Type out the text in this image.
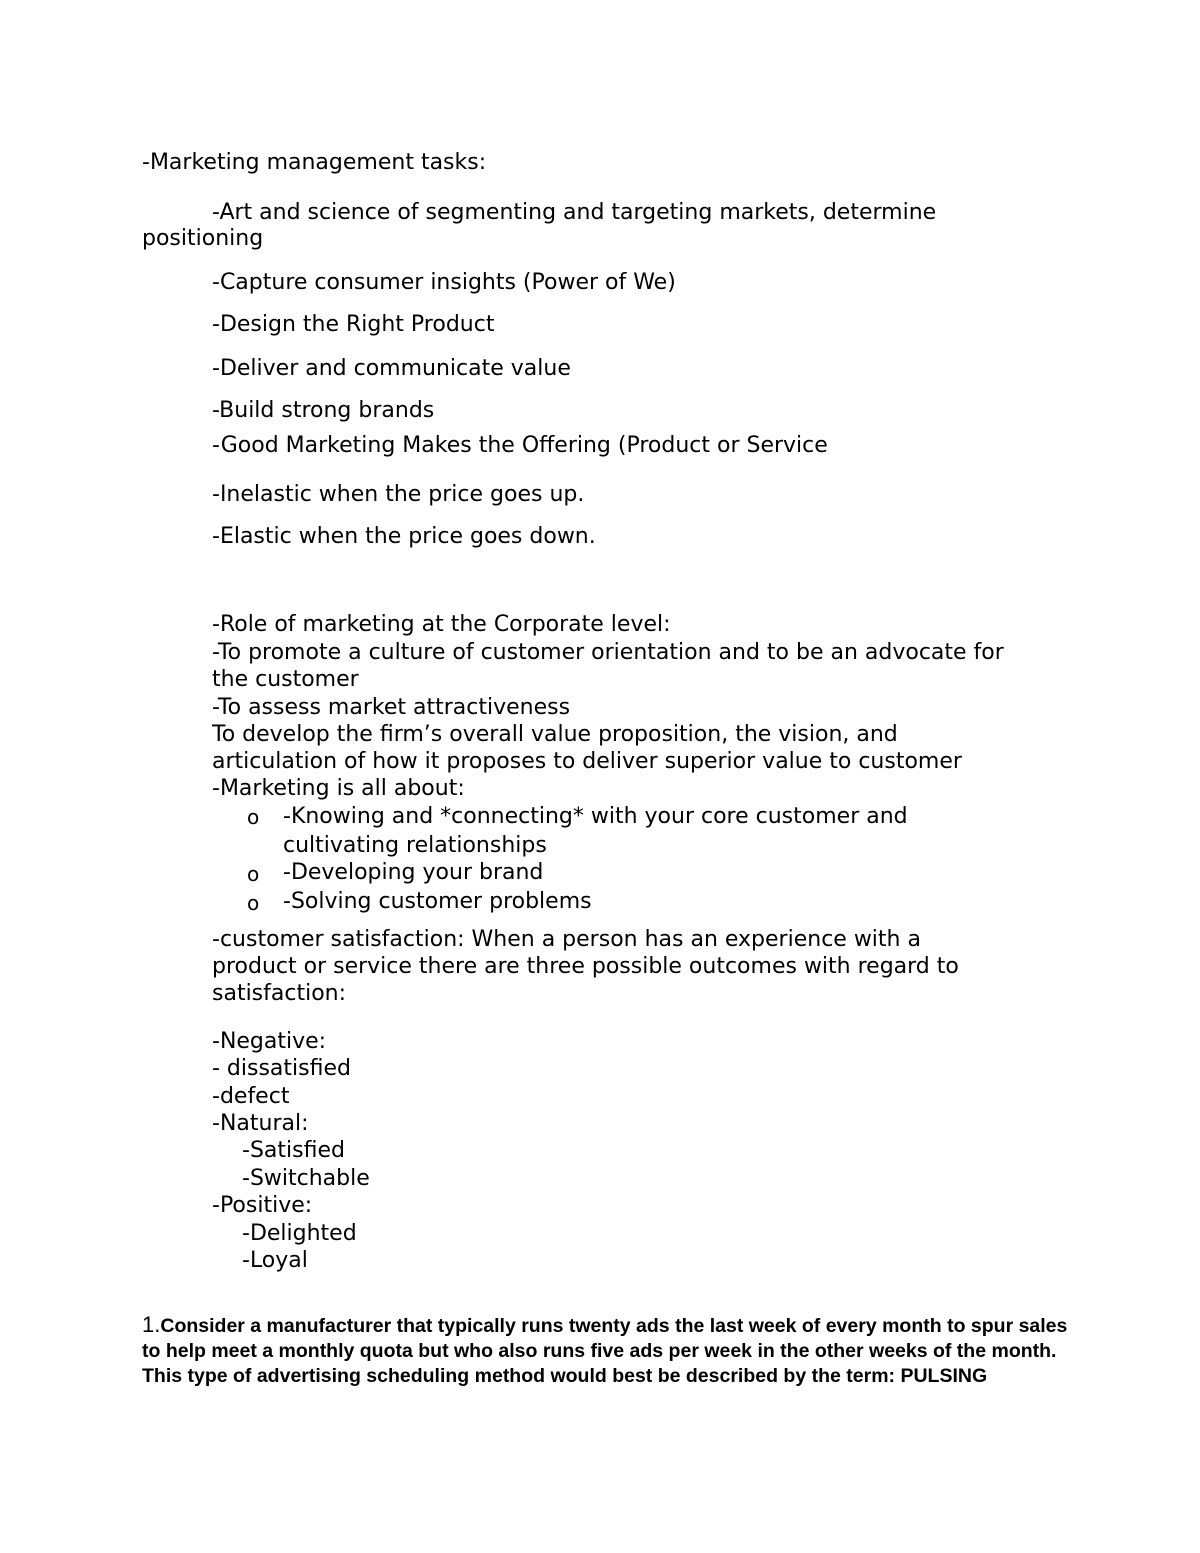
-Marketing management tasks:
-Art and science of segmenting and targeting markets, determine
positioning
-Capture consumer insights (Power of We)
-Design the Right Product
-Deliver and communicate value
-Build strong brands
-Good Marketing Makes the Offering (Product or Service
-Inelastic when the price goes up.
-Elastic when the price goes down.
-Role of marketing at the Corporate level:
-To promote a culture of customer orientation and to be an advocate for
the customer
-To assess market attractiveness
To develop the firm’s overall value proposition, the vision, and
articulation of how it proposes to deliver superior value to customer
-Marketing is all about:
o -Knowing and *connecting* with your core customer and
cultivating relationships
o -Developing your brand
o -Solving customer problems
-customer satisfaction: When a person has an experience with a
product or service there are three possible outcomes with regard to
satisfaction:
-Negative:
- dissatisfied
-defect
-Natural:
-Satisfied
-Switchable
-Positive:
-Delighted
-Loyal
1.Consider a manufacturer that typically runs twenty ads the last week of every month to spur sales to help meet a monthly quota but who also runs five ads per week in the other weeks of the month. This type of advertising scheduling method would best be described by the term: PULSING
